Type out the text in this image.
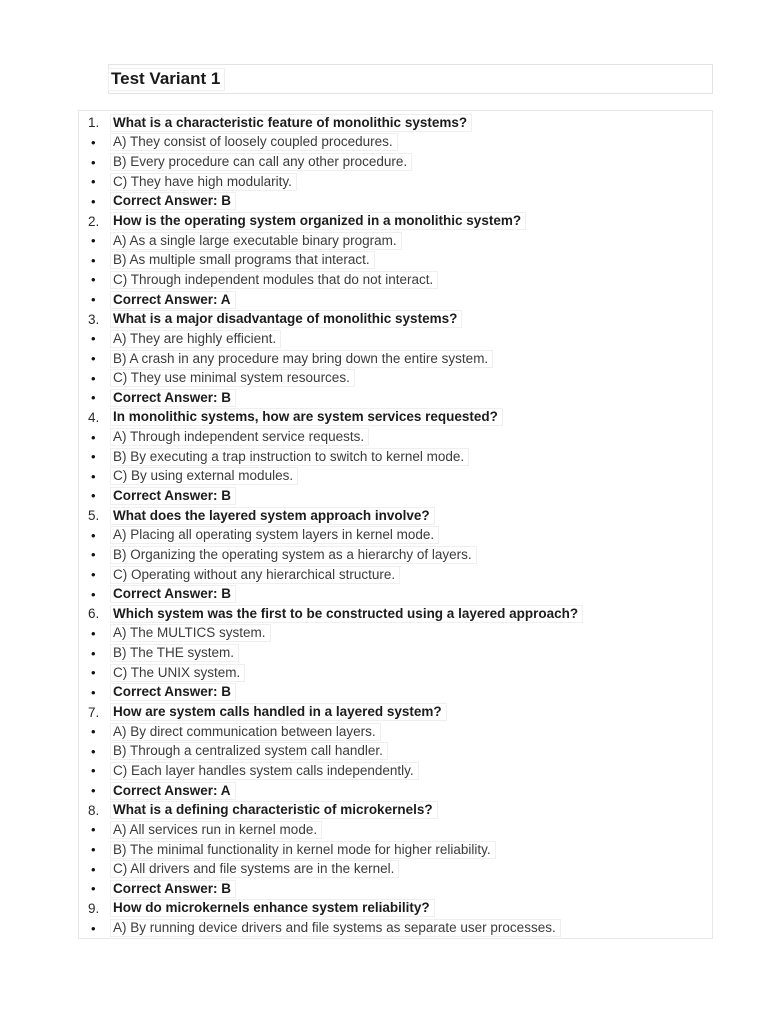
Test Variant 1
1.	What is a characteristic feature of monolithic systems?
•	A) They consist of loosely coupled procedures.
•	B) Every procedure can call any other procedure.
•	C) They have high modularity.
•	Correct Answer: B
2.	How is the operating system organized in a monolithic system?
•	A) As a single large executable binary program.
•	B) As multiple small programs that interact.
•	C) Through independent modules that do not interact.
•	Correct Answer: A
3.	What is a major disadvantage of monolithic systems?
•	A) They are highly efficient.
•	B) A crash in any procedure may bring down the entire system.
•	C) They use minimal system resources.
•	Correct Answer: B
4.	In monolithic systems, how are system services requested?
•	A) Through independent service requests.
•	B) By executing a trap instruction to switch to kernel mode.
•	C) By using external modules.
•	Correct Answer: B
5.	What does the layered system approach involve?
•	A) Placing all operating system layers in kernel mode.
•	B) Organizing the operating system as a hierarchy of layers.
•	C) Operating without any hierarchical structure.
•	Correct Answer: B
6.	Which system was the first to be constructed using a layered approach?
•	A) The MULTICS system.
•	B) The THE system.
•	C) The UNIX system.
•	Correct Answer: B
7.	How are system calls handled in a layered system?
•	A) By direct communication between layers.
•	B) Through a centralized system call handler.
•	C) Each layer handles system calls independently.
•	Correct Answer: A
8.	What is a defining characteristic of microkernels?
•	A) All services run in kernel mode.
•	B) The minimal functionality in kernel mode for higher reliability.
•	C) All drivers and file systems are in the kernel.
•	Correct Answer: B
9.	How do microkernels enhance system reliability?
•	A) By running device drivers and file systems as separate user processes.
